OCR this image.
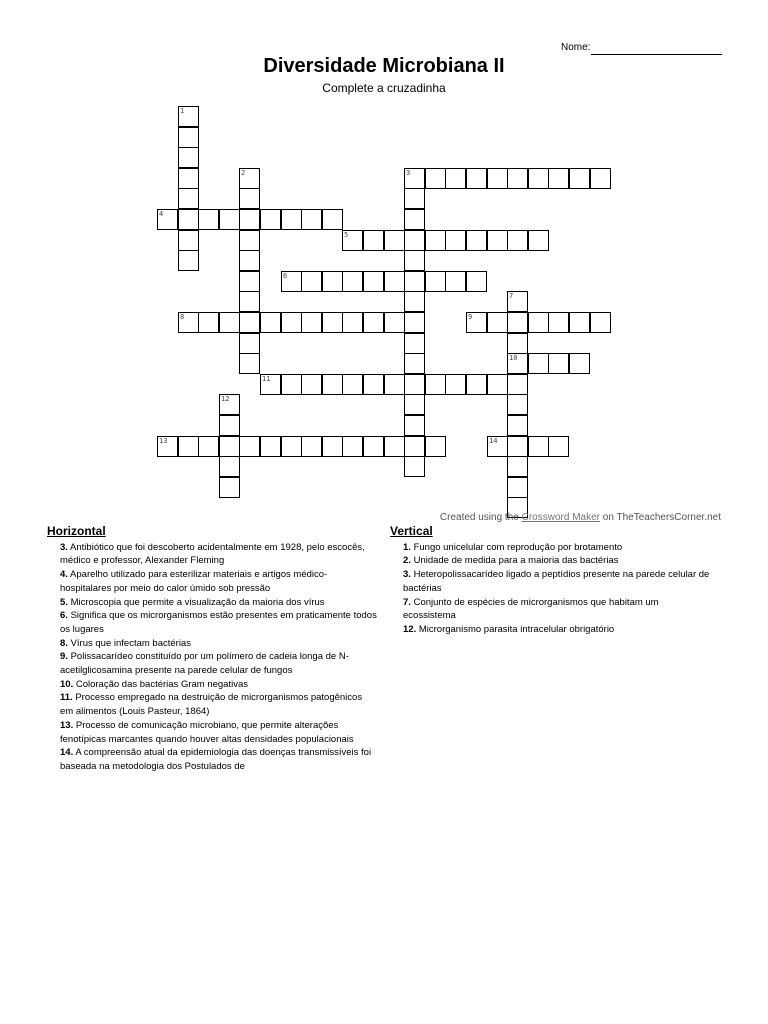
Nome:
Diversidade Microbiana II
Complete a cruzadinha
3
4
5
6
8	9
10
11
13	14
1
2
7
12
Created using the Crossword Maker on TheTeachersCorner.net
Horizontal
3. Antibiótico que foi descoberto acidentalmente em 1928, pelo escocês, médico e professor, Alexander Fleming
4. Aparelho utilizado para esterilizar materiais e artigos médico-hospitalares por meio do calor úmido sob pressão
5. Microscopia que permite a visualização da maioria dos vírus
6. Significa que os microrganismos estão presentes em praticamente todos os lugares
8. Vírus que infectam bactérias
9. Polissacarídeo constituído por um polímero de cadeia longa de N-acetilglicosamina presente na parede celular de fungos
10. Coloração das bactérias Gram negativas
11. Processo empregado na destruição de microrganismos patogênicos em alimentos (Louis Pasteur, 1864)
13. Processo de comunicação microbiano, que permite alterações fenotípicas marcantes quando houver altas densidades populacionais
14. A compreensão atual da epidemiologia das doenças transmissíveis foi baseada na metodologia dos Postulados de
Vertical
1. Fungo unicelular com reprodução por brotamento
2. Unidade de medida para a maioria das bactérias
3. Heteropolissacarídeo ligado a peptídios presente na parede celular de bactérias
7. Conjunto de espécies de microrganismos que habitam um ecossistema
12. Microrganismo parasita intracelular obrigatório
